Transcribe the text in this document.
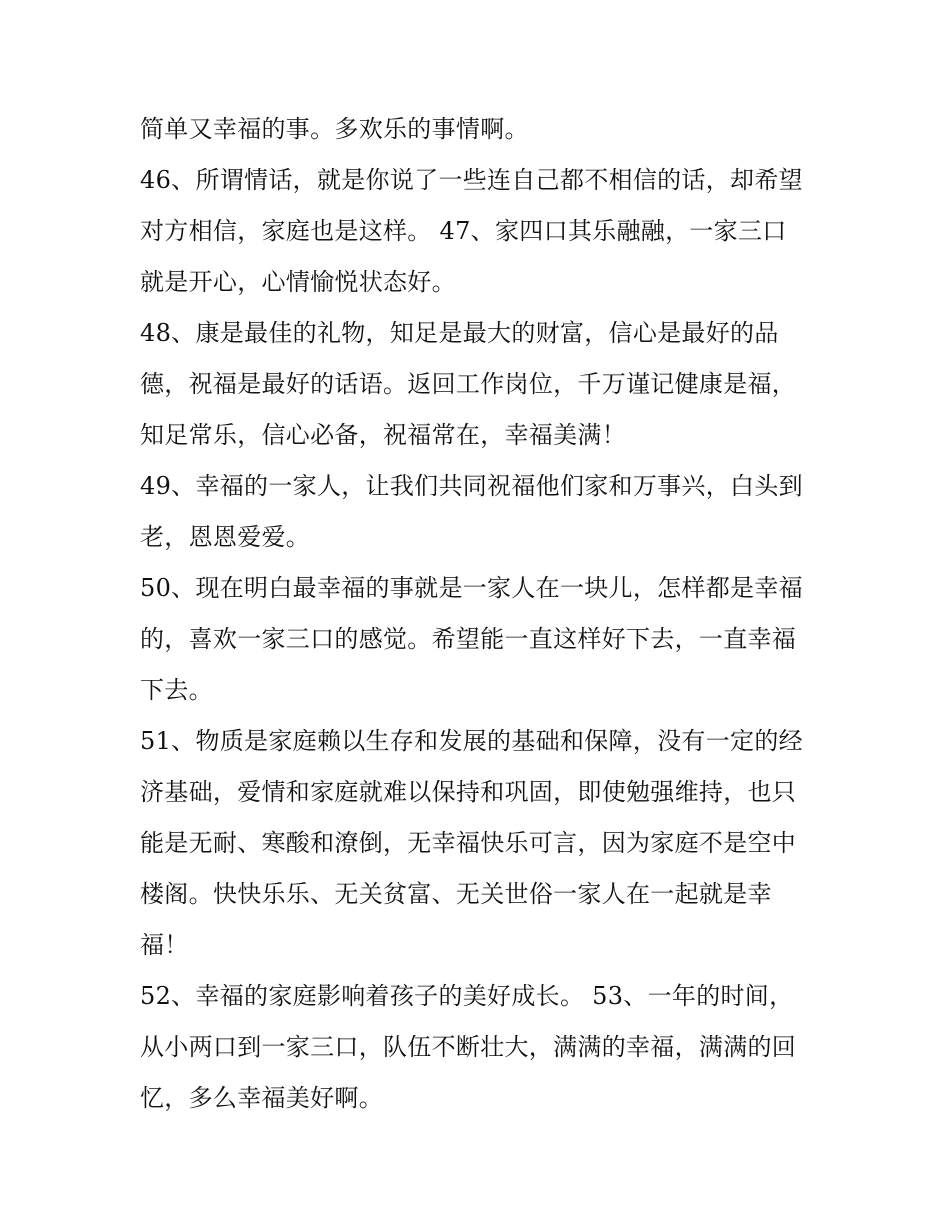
简单又幸福的事。多欢乐的事情啊。
46、所谓情话，就是你说了一些连自己都不相信的话，却希望
对方相信，家庭也是这样。 47、家四口其乐融融，一家三口
就是开心，心情愉悦状态好。
48、康是最佳的礼物，知足是最大的财富，信心是最好的品
德，祝福是最好的话语。返回工作岗位，千万谨记健康是福，
知足常乐，信心必备，祝福常在，幸福美满！
49、幸福的一家人，让我们共同祝福他们家和万事兴，白头到
老，恩恩爱爱。
50、现在明白最幸福的事就是一家人在一块儿，怎样都是幸福
的，喜欢一家三口的感觉。希望能一直这样好下去，一直幸福
下去。
51、物质是家庭赖以生存和发展的基础和保障，没有一定的经
济基础，爱情和家庭就难以保持和巩固，即使勉强维持，也只
能是无耐、寒酸和潦倒，无幸福快乐可言，因为家庭不是空中
楼阁。快快乐乐、无关贫富、无关世俗一家人在一起就是幸
福！
52、幸福的家庭影响着孩子的美好成长。 53、一年的时间，
从小两口到一家三口，队伍不断壮大，满满的幸福，满满的回
忆，多么幸福美好啊。
